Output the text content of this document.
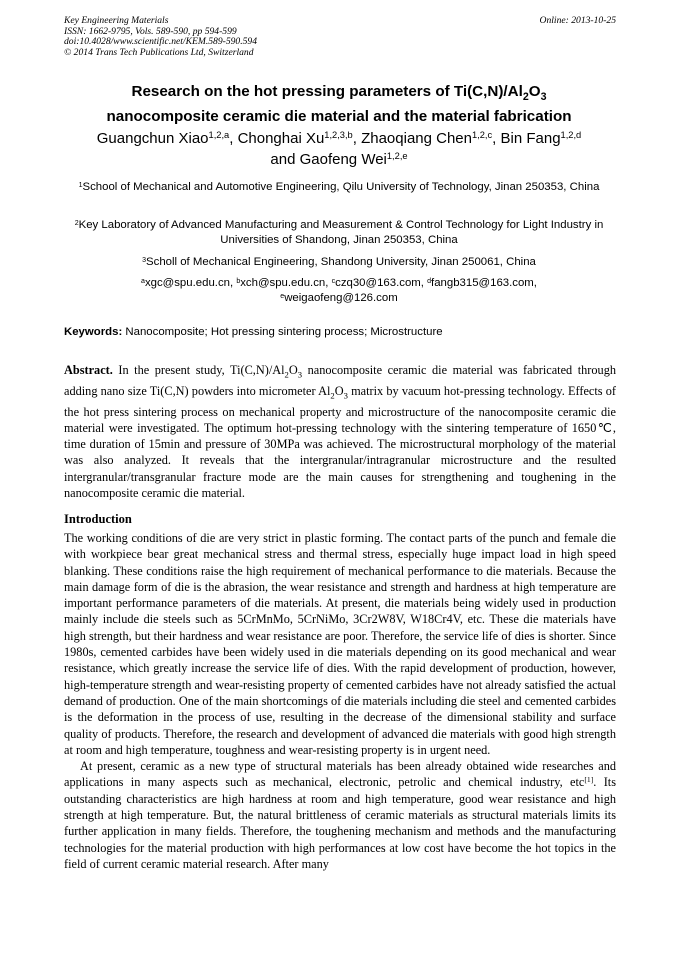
Key Engineering Materials
ISSN: 1662-9795, Vols. 589-590, pp 594-599
doi:10.4028/www.scientific.net/KEM.589-590.594
© 2014 Trans Tech Publications Ltd, Switzerland
Online: 2013-10-25
Research on the hot pressing parameters of $Ti(C,N)/Al_2O_3$
nanocomposite ceramic die material and the material fabrication
Guangchun Xiao$^{1,2,a}$, Chonghai Xu$^{1,2,3,b}$, Zhaoqiang Chen$^{1,2,c}$, Bin Fang$^{1,2,d}$
and Gaofeng Wei$^{1,2,e}$
$^1$School of Mechanical and Automotive Engineering, Qilu University of Technology, Jinan 250353, China
$^2$Key Laboratory of Advanced Manufacturing and Measurement & Control Technology for Light Industry in Universities of Shandong, Jinan 250353, China
$^3$Scholl of Mechanical Engineering, Shandong University, Jinan 250061, China
$^a$xgc@spu.edu.cn, $^b$xch@spu.edu.cn, $^c$czq30@163.com, $^d$fangb315@163.com,
$^e$weigaofeng@126.com
Keywords: Nanocomposite; Hot pressing sintering process; Microstructure
Abstract. In the present study, $Ti(C,N)/Al_2O_3$ nanocomposite ceramic die material was fabricated through adding nano size Ti(C,N) powders into micrometer $Al_2O_3$ matrix by vacuum hot-pressing technology. Effects of the hot press sintering process on mechanical property and microstructure of the nanocomposite ceramic die material were investigated. The optimum hot-pressing technology with the sintering temperature of 1650℃, time duration of 15min and pressure of 30MPa was achieved. The microstructural morphology of the material was also analyzed. It reveals that the intergranular/intragranular microstructure and the resulted intergranular/transgranular fracture mode are the main causes for strengthening and toughening in the nanocomposite ceramic die material.
Introduction

The working conditions of die are very strict in plastic forming. The contact parts of the punch and female die with workpiece bear great mechanical stress and thermal stress, especially huge impact load in high speed blanking. These conditions raise the high requirement of mechanical performance to die materials. Because the main damage form of die is the abrasion, the wear resistance and strength and hardness at high temperature are important performance parameters of die materials. At present, die materials being widely used in production mainly include die steels such as 5CrMnMo, 5CrNiMo, 3Cr2W8V, W18Cr4V, etc. These die materials have high strength, but their hardness and wear resistance are poor. Therefore, the service life of dies is shorter. Since 1980s, cemented carbides have been widely used in die materials depending on its good mechanical and wear resistance, which greatly increase the service life of dies. With the rapid development of production, however, high-temperature strength and wear-resisting property of cemented carbides have not already satisfied the actual demand of production. One of the main shortcomings of die materials including die steel and cemented carbides is the deformation in the process of use, resulting in the decrease of the dimensional stability and surface quality of products. Therefore, the research and development of advanced die materials with good high strength at room and high temperature, toughness and wear-resisting property is in urgent need.

At present, ceramic as a new type of structural materials has been already obtained wide researches and applications in many aspects such as mechanical, electronic, petrolic and chemical industry, etc[1]. Its outstanding characteristics are high hardness at room and high temperature, good wear resistance and high strength at high temperature. But, the natural brittleness of ceramic materials as structural materials limits its further application in many fields. Therefore, the toughening mechanism and methods and the manufacturing technologies for the material production with high performances at low cost have become the hot topics in the field of current ceramic material research. After many
